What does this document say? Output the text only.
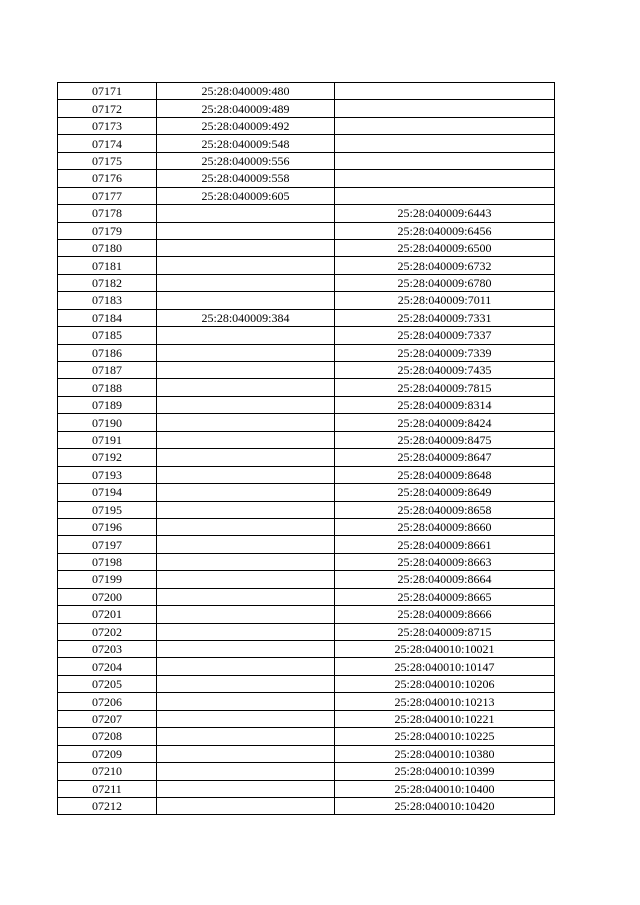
07171	25:28:040009:480	
07172	25:28:040009:489	
07173	25:28:040009:492	
07174	25:28:040009:548	
07175	25:28:040009:556	
07176	25:28:040009:558	
07177	25:28:040009:605	
07178		25:28:040009:6443
07179		25:28:040009:6456
07180		25:28:040009:6500
07181		25:28:040009:6732
07182		25:28:040009:6780
07183		25:28:040009:7011
07184	25:28:040009:384	25:28:040009:7331
07185		25:28:040009:7337
07186		25:28:040009:7339
07187		25:28:040009:7435
07188		25:28:040009:7815
07189		25:28:040009:8314
07190		25:28:040009:8424
07191		25:28:040009:8475
07192		25:28:040009:8647
07193		25:28:040009:8648
07194		25:28:040009:8649
07195		25:28:040009:8658
07196		25:28:040009:8660
07197		25:28:040009:8661
07198		25:28:040009:8663
07199		25:28:040009:8664
07200		25:28:040009:8665
07201		25:28:040009:8666
07202		25:28:040009:8715
07203		25:28:040010:10021
07204		25:28:040010:10147
07205		25:28:040010:10206
07206		25:28:040010:10213
07207		25:28:040010:10221
07208		25:28:040010:10225
07209		25:28:040010:10380
07210		25:28:040010:10399
07211		25:28:040010:10400
07212		25:28:040010:10420
